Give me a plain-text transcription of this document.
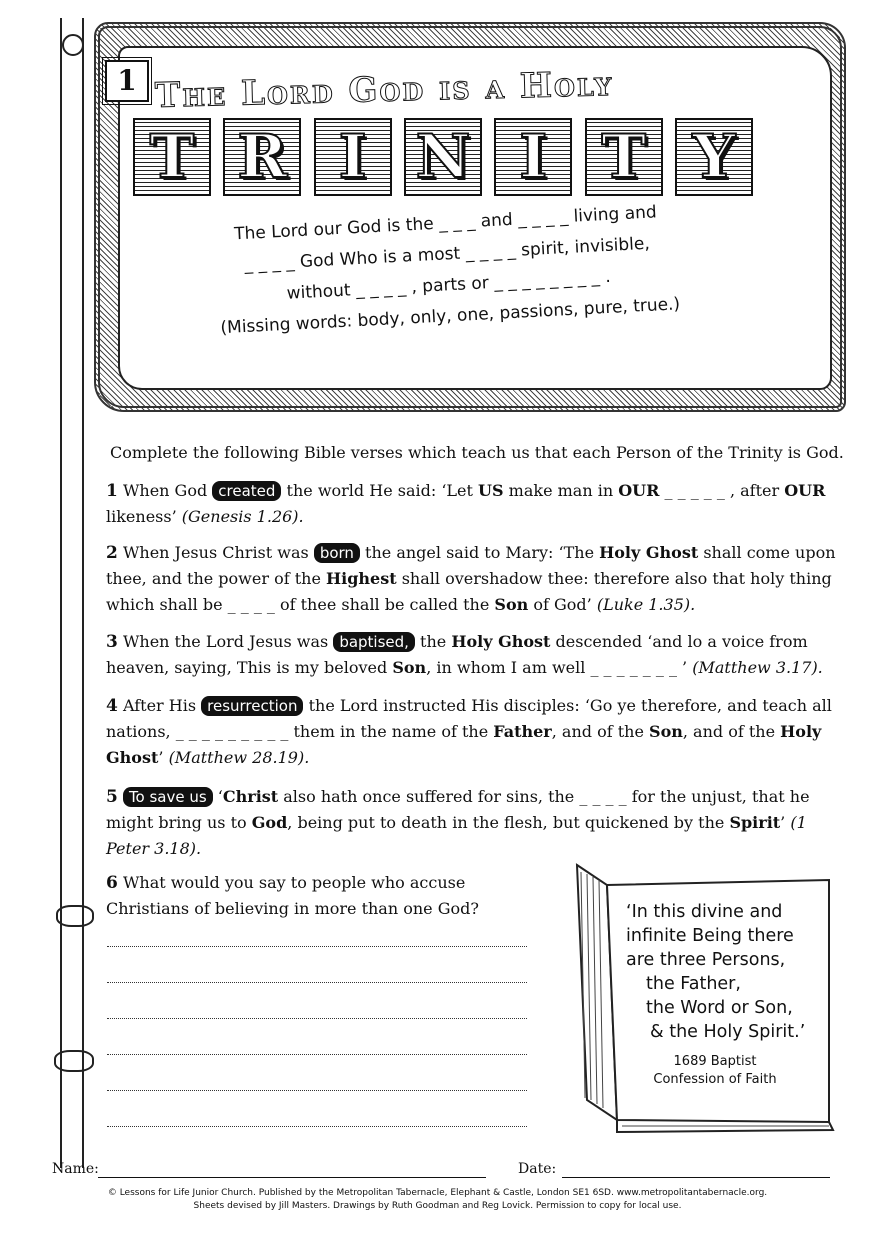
1 The Lord God is a Holy
T R I N I T Y

The Lord our God is the _ _ _ and _ _ _ _ living and

_ _ _ _ God Who is a most _ _ _ _ spirit, invisible,

without _ _ _ _ , parts or _ _ _ _ _ _ _ _ .

(Missing words: body, only, one, passions, pure, true.)

Complete the following Bible verses which teach us that each Person of the Trinity is God.
1 When God created the world He said: ‘Let US make man in OUR _ _ _ _ _ , after OUR likeness’ (Genesis 1.26).
2 When Jesus Christ was born the angel said to Mary: ‘The Holy Ghost shall come upon thee, and the power of the Highest shall overshadow thee: therefore also that holy thing which shall be _ _ _ _ of thee shall be called the Son of God’ (Luke 1.35).
3 When the Lord Jesus was baptised, the Holy Ghost descended ‘and lo a voice from heaven, saying, This is my beloved Son, in whom I am well _ _ _ _ _ _ _ ’ (Matthew 3.17).
4 After His resurrection the Lord instructed His disciples: ‘Go ye therefore, and teach all nations, _ _ _ _ _ _ _ _ _ them in the name of the Father, and of the Son, and of the Holy Ghost’ (Matthew 28.19).
5 To save us ‘Christ also hath once suffered for sins, the _ _ _ _ for the unjust, that he might bring us to God, being put to death in the flesh, but quickened by the Spirit’ (1 Peter 3.18).
6 What would you say to people who accuse
Christians of believing in more than one God?	‘In this divine and

infinite Being there

are three Persons,

the Father,

the Word or Son,

& the Holy Spirit.’

1689 Baptist
Confession of Faith
Name:	Date:
© Lessons for Life Junior Church. Published by the Metropolitan Tabernacle, Elephant & Castle, London SE1 6SD. www.metropolitantabernacle.org.
Sheets devised by Jill Masters. Drawings by Ruth Goodman and Reg Lovick. Permission to copy for local use.
